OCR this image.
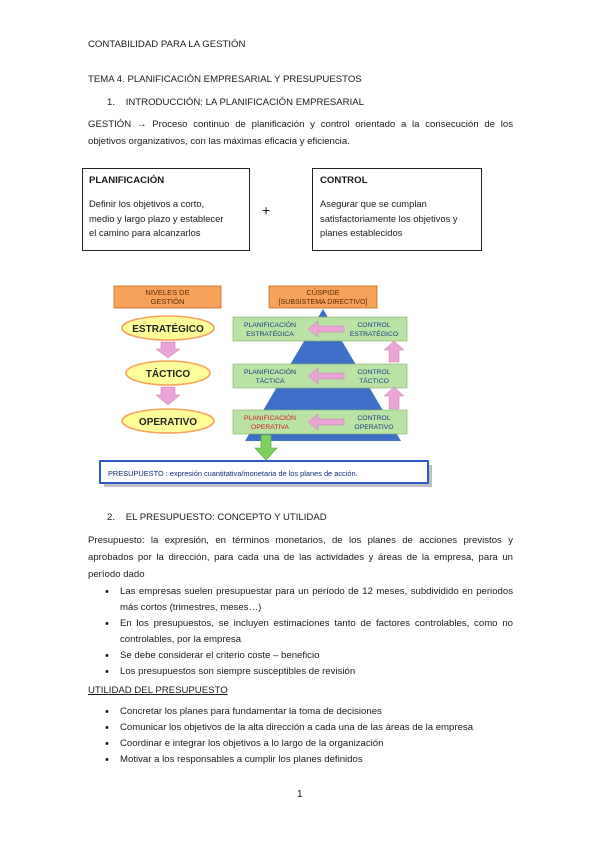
CONTABILIDAD PARA LA GESTIÓN
TEMA 4. PLANIFICACIÓN EMPRESARIAL Y PRESUPUESTOS
1. INTRODUCCIÓN: LA PLANIFICACIÓN EMPRESARIAL
GESTIÓN → Proceso continuo de planificación y control orientado a la consecución de los objetivos organizativos, con las máximas eficacia y eficiencia.
PLANIFICACIÓN
Definir los objetivos a corto,
medio y largo plazo y establecer
el camino para alcanzarlos
+
CONTROL
Asegurar que se cumplan
satisfactoriamente los objetivos y
planes establecidos
NIVELES DE
GESTIÓN
CÚSPIDE
[SUBSISTEMA DIRECTIVO]
ESTRATÉGICO
TÁCTICO
OPERATIVO
PLANIFICACIÓN
ESTRATÉGICA
CONTROL
ESTRATÉGICO
PLANIFICACIÓN
TÁCTICA
CONTROL
TÁCTICO
PLANIFICACIÓN
OPERATIVA
CONTROL
OPERATIVO
PRESUPUESTO : expresión cuantitativa/monetaria de los planes de acción.
2. EL PRESUPUESTO: CONCEPTO Y UTILIDAD
Presupuesto: la expresión, en términos monetarios, de los planes de acciones previstos y aprobados por la dirección, para cada una de las actividades y áreas de la empresa, para un período dado
• Las empresas suelen presupuestar para un período de 12 meses, subdividido en periodos más cortos (trimestres, meses…)
• En los presupuestos, se incluyen estimaciones tanto de factores controlables, como no controlables, por la empresa
• Se debe considerar el criterio coste – beneficio
• Los presupuestos son siempre susceptibles de revisión
UTILIDAD DEL PRESUPUESTO
• Concretar los planes para fundamentar la toma de decisiones
• Comunicar los objetivos de la alta dirección a cada una de las áreas de la empresa
• Coordinar e integrar los objetivos a lo largo de la organización
• Motivar a los responsables a cumplir los planes definidos
1
